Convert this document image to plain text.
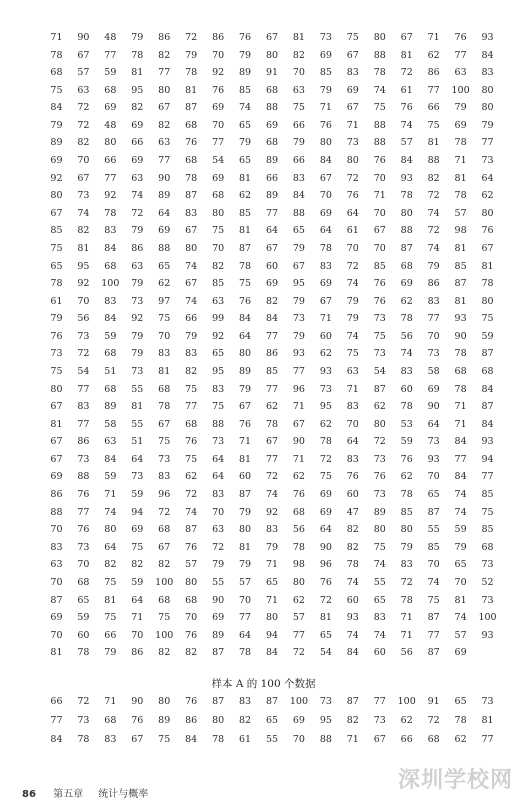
71	90	48	79	86	72	86	76	67	81	73	75	80	67	71	76	93
78	67	77	78	82	79	70	79	80	82	69	67	88	81	62	77	84
68	57	59	81	77	78	92	89	91	70	85	83	78	72	86	63	83
75	63	68	95	80	81	76	85	68	63	79	69	74	61	77	100	80
84	72	69	82	67	87	69	74	88	75	71	67	75	76	66	79	80
79	72	48	69	82	68	70	65	69	66	76	71	88	74	75	69	79
89	82	80	66	63	76	77	79	68	79	80	73	88	57	81	78	77
69	70	66	69	77	68	54	65	89	66	84	80	76	84	88	71	73
92	67	77	63	90	78	69	81	66	83	67	72	70	93	82	81	64
80	73	92	74	89	87	68	62	89	84	70	76	71	78	72	78	62
67	74	78	72	64	83	80	85	77	88	69	64	70	80	74	57	80
85	82	83	79	69	67	75	81	64	65	64	61	67	88	72	98	76
75	81	84	86	88	80	70	87	67	79	78	70	70	87	74	81	67
65	95	68	63	65	74	82	78	60	67	83	72	85	68	79	85	81
78	92	100	79	62	67	85	75	69	95	69	74	76	69	86	87	78
61	70	83	73	97	74	63	76	82	79	67	79	76	62	83	81	80
79	56	84	92	75	66	99	84	84	73	71	79	73	78	77	93	75
76	73	59	79	70	79	92	64	77	79	60	74	75	56	70	90	59
73	72	68	79	83	83	65	80	86	93	62	75	73	74	73	78	87
75	54	51	73	81	82	95	89	85	77	93	63	54	83	58	68	68
80	77	68	55	68	75	83	79	77	96	73	71	87	60	69	78	84
67	83	89	81	78	77	75	67	62	71	95	83	62	78	90	71	87
81	77	58	55	67	68	88	76	78	67	62	70	80	53	64	71	84
67	86	63	51	75	76	73	71	67	90	78	64	72	59	73	84	93
67	73	84	64	73	75	64	81	77	71	72	83	73	76	93	77	94
69	88	59	73	83	62	64	60	72	62	75	76	76	62	70	84	77
86	76	71	59	96	72	83	87	74	76	69	60	73	78	65	74	85
88	77	74	94	72	74	70	79	92	68	69	47	89	85	87	74	75
70	76	80	69	68	87	63	80	83	56	64	82	80	80	55	59	85
83	73	64	75	67	76	72	81	79	78	90	82	75	79	85	79	68
63	70	82	82	82	57	79	79	71	98	96	78	74	83	70	65	73
70	68	75	59	100	80	55	57	65	80	76	74	55	72	74	70	52
87	65	81	64	68	68	90	70	71	62	72	60	65	78	75	81	73
69	59	75	71	75	70	69	77	80	57	81	93	83	71	87	74	100
70	60	66	70	100	76	89	64	94	77	65	74	74	71	77	57	93
81	78	79	86	82	82	87	78	84	72	54	84	60	56	87	69
样本 A 的 100 个数据
66	72	71	90	80	76	87	83	87	100	73	87	77	100	91	65	73
77	73	68	76	89	86	80	82	65	69	95	82	73	62	72	78	81
84	78	83	67	75	84	78	61	55	70	88	71	67	66	68	62	77
86 第五章 统计与概率
深圳学校网
